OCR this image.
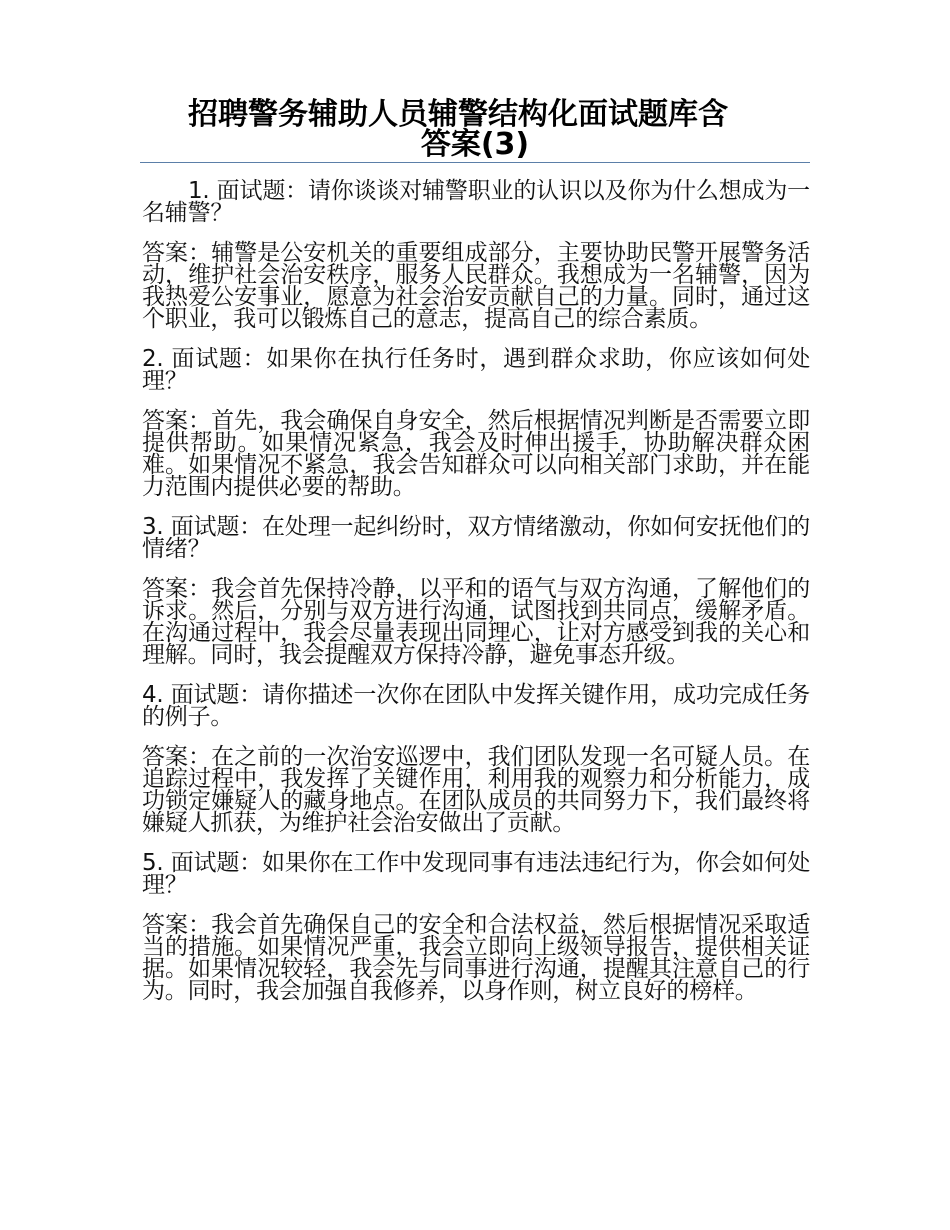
招聘警务辅助人员辅警结构化面试题库含
答案(3)

1. 面试题：请你谈谈对辅警职业的认识以及你为什么想成为一名辅警？

答案：辅警是公安机关的重要组成部分，主要协助民警开展警务活动，维护社会治安秩序，服务人民群众。我想成为一名辅警，因为我热爱公安事业，愿意为社会治安贡献自己的力量。同时，通过这个职业，我可以锻炼自己的意志，提高自己的综合素质。

2. 面试题：如果你在执行任务时，遇到群众求助，你应该如何处理？

答案：首先，我会确保自身安全，然后根据情况判断是否需要立即提供帮助。如果情况紧急，我会及时伸出援手，协助解决群众困难。如果情况不紧急，我会告知群众可以向相关部门求助，并在能力范围内提供必要的帮助。

3. 面试题：在处理一起纠纷时，双方情绪激动，你如何安抚他们的情绪？

答案：我会首先保持冷静，以平和的语气与双方沟通，了解他们的诉求。然后，分别与双方进行沟通，试图找到共同点，缓解矛盾。在沟通过程中，我会尽量表现出同理心，让对方感受到我的关心和理解。同时，我会提醒双方保持冷静，避免事态升级。

4. 面试题：请你描述一次你在团队中发挥关键作用，成功完成任务的例子。

答案：在之前的一次治安巡逻中，我们团队发现一名可疑人员。在追踪过程中，我发挥了关键作用，利用我的观察力和分析能力，成功锁定嫌疑人的藏身地点。在团队成员的共同努力下，我们最终将嫌疑人抓获，为维护社会治安做出了贡献。

5. 面试题：如果你在工作中发现同事有违法违纪行为，你会如何处理？

答案：我会首先确保自己的安全和合法权益，然后根据情况采取适当的措施。如果情况严重，我会立即向上级领导报告，提供相关证据。如果情况较轻，我会先与同事进行沟通，提醒其注意自己的行为。同时，我会加强自我修养，以身作则，树立良好的榜样。
